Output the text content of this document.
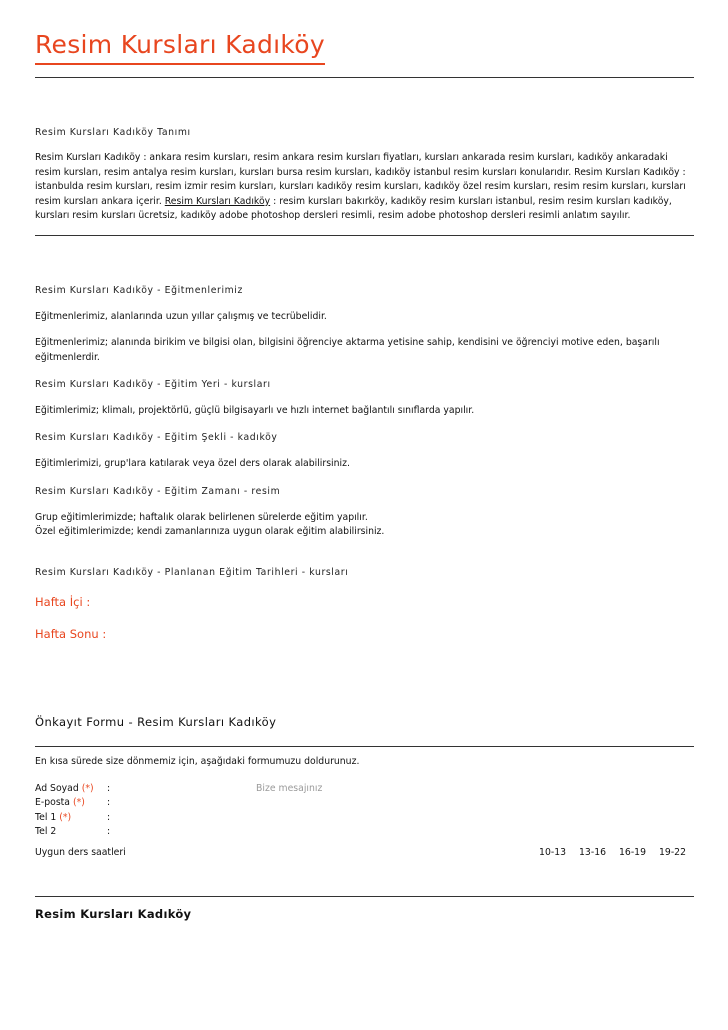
Resim Kursları Kadıköy
Resim Kursları Kadıköy Tanımı

Resim Kursları Kadıköy : ankara resim kursları, resim ankara resim kursları fiyatları, kursları ankarada resim kursları, kadıköy ankaradaki resim kursları, resim antalya resim kursları, kursları bursa resim kursları, kadıköy istanbul resim kursları konularıdır. Resim Kursları Kadıköy : istanbulda resim kursları, resim izmir resim kursları, kursları kadıköy resim kursları, kadıköy özel resim kursları, resim resim kursları, kursları resim kursları ankara içerir. Resim Kursları Kadıköy : resim kursları bakırköy, kadıköy resim kursları istanbul, resim resim kursları kadıköy, kursları resim kursları ücretsiz, kadıköy adobe photoshop dersleri resimli, resim adobe photoshop dersleri resimli anlatım sayılır.

Resim Kursları Kadıköy - Eğitmenlerimiz

Eğitmenlerimiz, alanlarında uzun yıllar çalışmış ve tecrübelidir.

Eğitmenlerimiz; alanında birikim ve bilgisi olan, bilgisini öğrenciye aktarma yetisine sahip, kendisini ve öğrenciyi motive eden, başarılı eğitmenlerdir.

Resim Kursları Kadıköy - Eğitim Yeri - kursları

Eğitimlerimiz; klimalı, projektörlü, güçlü bilgisayarlı ve hızlı internet bağlantılı sınıflarda yapılır.

Resim Kursları Kadıköy - Eğitim Şekli - kadıköy

Eğitimlerimizi, grup'lara katılarak veya özel ders olarak alabilirsiniz.

Resim Kursları Kadıköy - Eğitim Zamanı - resim

Grup eğitimlerimizde; haftalık olarak belirlenen sürelerde eğitim yapılır.

Özel eğitimlerimizde; kendi zamanlarınıza uygun olarak eğitim alabilirsiniz.

Resim Kursları Kadıköy - Planlanan Eğitim Tarihleri - kursları

Hafta İçi :

Hafta Sonu :

Önkayıt Formu - Resim Kursları Kadıköy

En kısa sürede size dönmemiz için, aşağıdaki formumuzu doldurunuz.

Ad Soyad (*) :	Bize mesajınız
E-posta (*) :
Tel 1 (*)	:
Tel 2	:
Uygun ders saatleri	10-13 13-16 16-19 19-22
Resim Kursları Kadıköy
